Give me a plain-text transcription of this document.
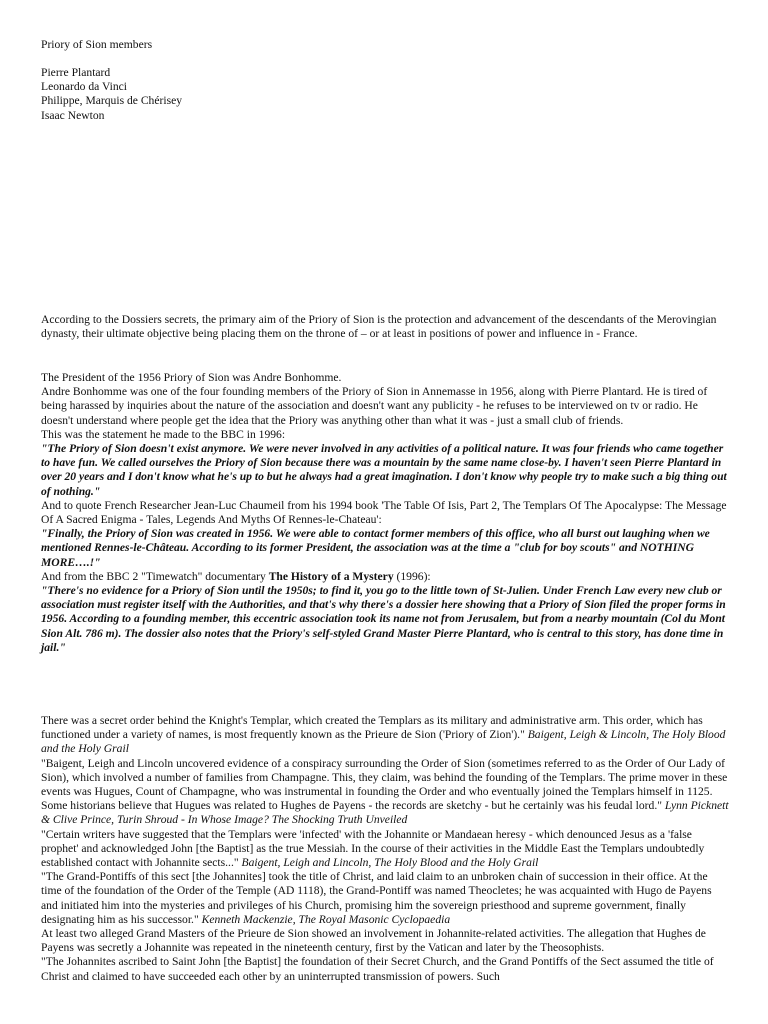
Priory of Sion members

Pierre Plantard

Leonardo da Vinci

Philippe, Marquis de Chérisey

Isaac Newton

According to the Dossiers secrets, the primary aim of the Priory of Sion is the protection and advancement of the descendants of the Merovingian dynasty, their ultimate objective being placing them on the throne of – or at least in positions of power and influence in - France.

The President of the 1956 Priory of Sion was Andre Bonhomme.

Andre Bonhomme was one of the four founding members of the Priory of Sion in Annemasse in 1956, along with Pierre Plantard. He is tired of being harassed by inquiries about the nature of the association and doesn't want any publicity - he refuses to be interviewed on tv or radio. He doesn't understand where people get the idea that the Priory was anything other than what it was - just a small club of friends.

This was the statement he made to the BBC in 1996:

"The Priory of Sion doesn't exist anymore. We were never involved in any activities of a political nature. It was four friends who came together to have fun. We called ourselves the Priory of Sion because there was a mountain by the same name close-by. I haven't seen Pierre Plantard in over 20 years and I don't know what he's up to but he always had a great imagination. I don't know why people try to make such a big thing out of nothing."

And to quote French Researcher Jean-Luc Chaumeil from his 1994 book 'The Table Of Isis, Part 2, The Templars Of The Apocalypse: The Message Of A Sacred Enigma - Tales, Legends And Myths Of Rennes-le-Chateau':

"Finally, the Priory of Sion was created in 1956. We were able to contact former members of this office, who all burst out laughing when we mentioned Rennes-le-Château. According to its former President, the association was at the time a "club for boy scouts" and NOTHING MORE….!"

And from the BBC 2 "Timewatch" documentary The History of a Mystery (1996):

"There's no evidence for a Priory of Sion until the 1950s; to find it, you go to the little town of St-Julien. Under French Law every new club or association must register itself with the Authorities, and that's why there's a dossier here showing that a Priory of Sion filed the proper forms in 1956. According to a founding member, this eccentric association took its name not from Jerusalem, but from a nearby mountain (Col du Mont Sion Alt. 786 m). The dossier also notes that the Priory's self-styled Grand Master Pierre Plantard, who is central to this story, has done time in jail."

There was a secret order behind the Knight's Templar, which created the Templars as its military and administrative arm. This order, which has functioned under a variety of names, is most frequently known as the Prieure de Sion ('Priory of Zion')." Baigent, Leigh & Lincoln, The Holy Blood and the Holy Grail

"Baigent, Leigh and Lincoln uncovered evidence of a conspiracy surrounding the Order of Sion (sometimes referred to as the Order of Our Lady of Sion), which involved a number of families from Champagne. This, they claim, was behind the founding of the Templars. The prime mover in these events was Hugues, Count of Champagne, who was instrumental in founding the Order and who eventually joined the Templars himself in 1125. Some historians believe that Hugues was related to Hughes de Payens - the records are sketchy - but he certainly was his feudal lord." Lynn Picknett & Clive Prince, Turin Shroud - In Whose Image? The Shocking Truth Unveiled

"Certain writers have suggested that the Templars were 'infected' with the Johannite or Mandaean heresy - which denounced Jesus as a 'false prophet' and acknowledged John [the Baptist] as the true Messiah. In the course of their activities in the Middle East the Templars undoubtedly established contact with Johannite sects..." Baigent, Leigh and Lincoln, The Holy Blood and the Holy Grail

"The Grand-Pontiffs of this sect [the Johannites] took the title of Christ, and laid claim to an unbroken chain of succession in their office. At the time of the foundation of the Order of the Temple (AD 1118), the Grand-Pontiff was named Theocletes; he was acquainted with Hugo de Payens and initiated him into the mysteries and privileges of his Church, promising him the sovereign priesthood and supreme government, finally designating him as his successor." Kenneth Mackenzie, The Royal Masonic Cyclopaedia

At least two alleged Grand Masters of the Prieure de Sion showed an involvement in Johannite-related activities. The allegation that Hughes de Payens was secretly a Johannite was repeated in the nineteenth century, first by the Vatican and later by the Theosophists.

"The Johannites ascribed to Saint John [the Baptist] the foundation of their Secret Church, and the Grand Pontiffs of the Sect assumed the title of Christ and claimed to have succeeded each other by an uninterrupted transmission of powers. Such
